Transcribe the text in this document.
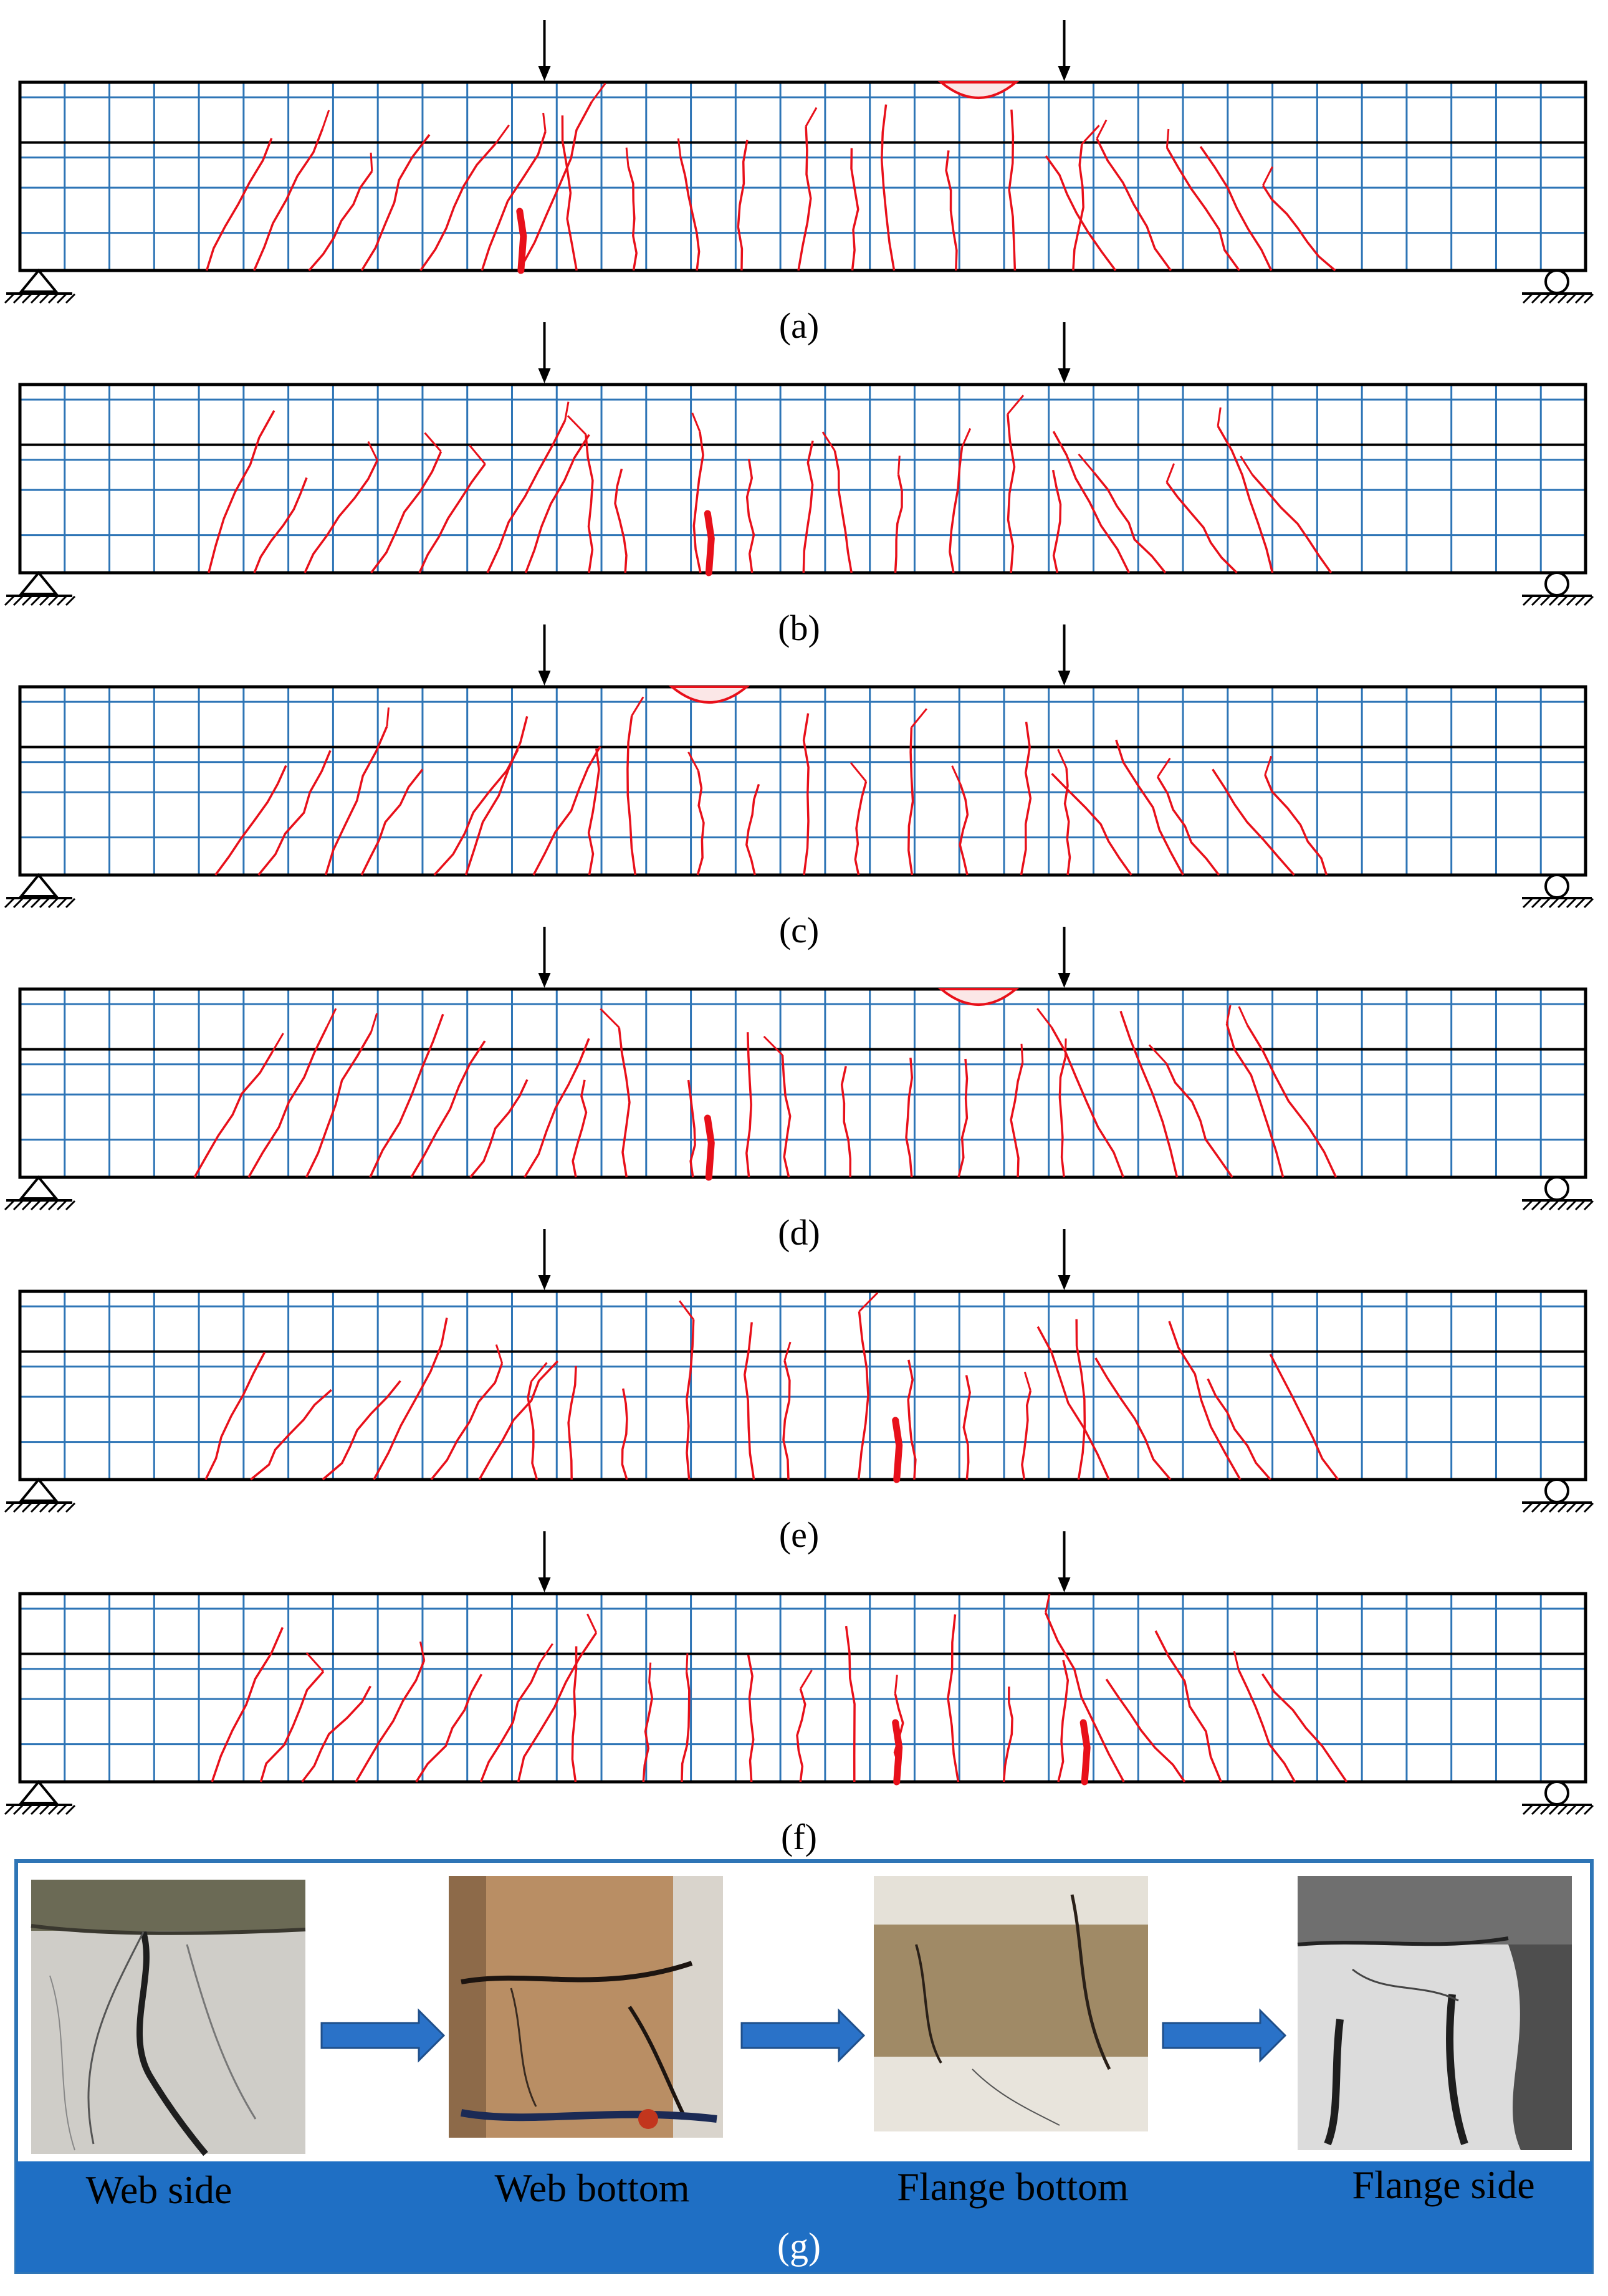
(a)
(b)
(c)
(d)
(e)
(f)
(g)
Web side	Web bottom	Flange bottom	Flange side
